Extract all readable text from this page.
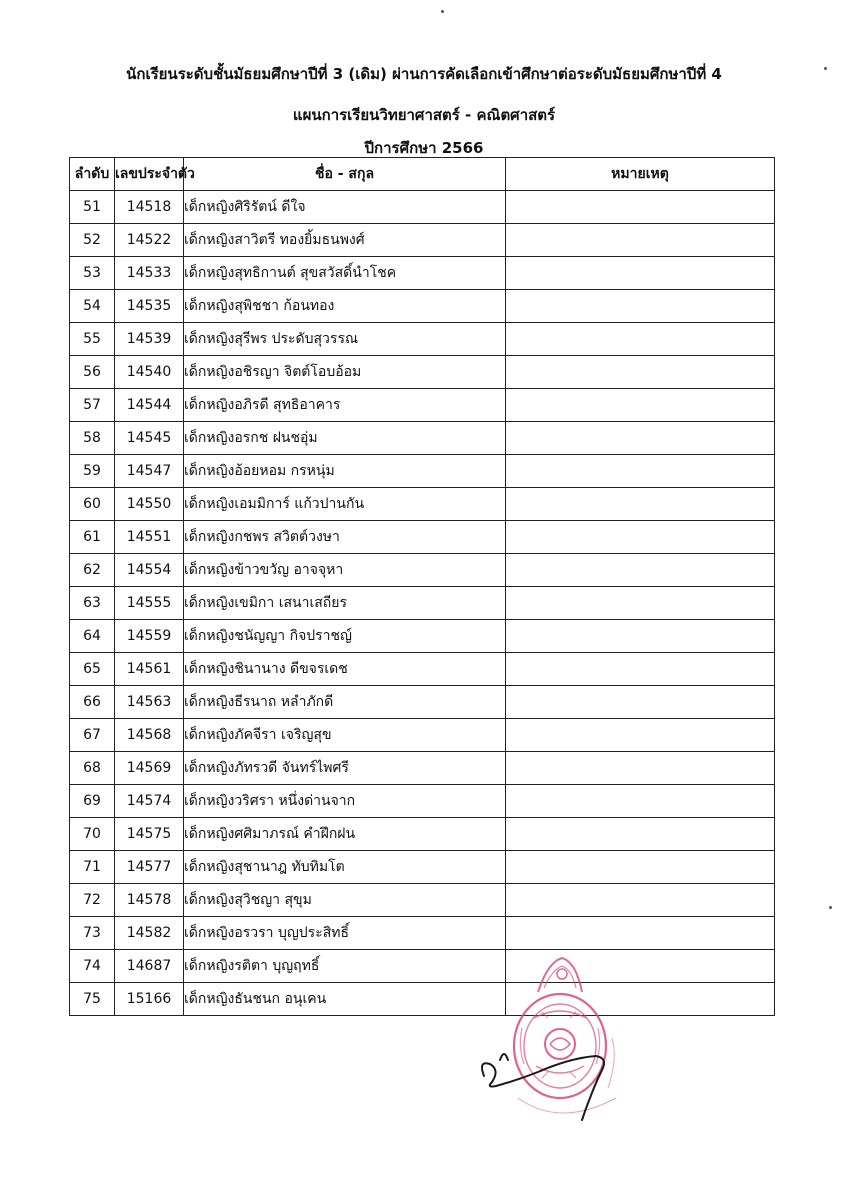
นักเรียนระดับชั้นมัธยมศึกษาปีที่ 3 (เดิม) ผ่านการคัดเลือกเข้าศึกษาต่อระดับมัธยมศึกษาปีที่ 4
แผนการเรียนวิทยาศาสตร์ - คณิตศาสตร์
ปีการศึกษา 2566
ลำดับ	เลขประจำตัว	ชื่อ - สกุล	หมายเหตุ
51	14518	เด็กหญิงศิริรัตน์ ดีใจ	
52	14522	เด็กหญิงสาวิตรี ทองยิ้มธนพงศ์	
53	14533	เด็กหญิงสุทธิกานต์ สุขสวัสดิ์นำโชค	
54	14535	เด็กหญิงสุพิชชา ก้อนทอง	
55	14539	เด็กหญิงสุรีพร ประดับสุวรรณ	
56	14540	เด็กหญิงอชิรญา จิตต์โอบอ้อม	
57	14544	เด็กหญิงอภิรดี สุทธิอาคาร	
58	14545	เด็กหญิงอรกช ฝนชอุ่ม	
59	14547	เด็กหญิงอ้อยหอม กรหนุ่ม	
60	14550	เด็กหญิงเอมมิการ์ แก้วปานกัน	
61	14551	เด็กหญิงกชพร สวิตต์วงษา	
62	14554	เด็กหญิงข้าวขวัญ อาจจุหา	
63	14555	เด็กหญิงเขมิกา เสนาเสถียร	
64	14559	เด็กหญิงชนัญญา กิจปราชญ์	
65	14561	เด็กหญิงชินานาง ดีขจรเดช	
66	14563	เด็กหญิงธีรนาถ หลำภักดี	
67	14568	เด็กหญิงภัคจีรา เจริญสุข	
68	14569	เด็กหญิงภัทรวดี จันทร์ไพศรี	
69	14574	เด็กหญิงวริศรา หนึ่งด่านจาก	
70	14575	เด็กหญิงศศิมาภรณ์ คำฝึกฝน	
71	14577	เด็กหญิงสุชานาฎ ทับทิมโต	
72	14578	เด็กหญิงสุวิชญา สุขุม	
73	14582	เด็กหญิงอรวรา บุญประสิทธิ์	
74	14687	เด็กหญิงรติตา บุญฤทธิ์	
75	15166	เด็กหญิงธันชนก อนุเคน	
